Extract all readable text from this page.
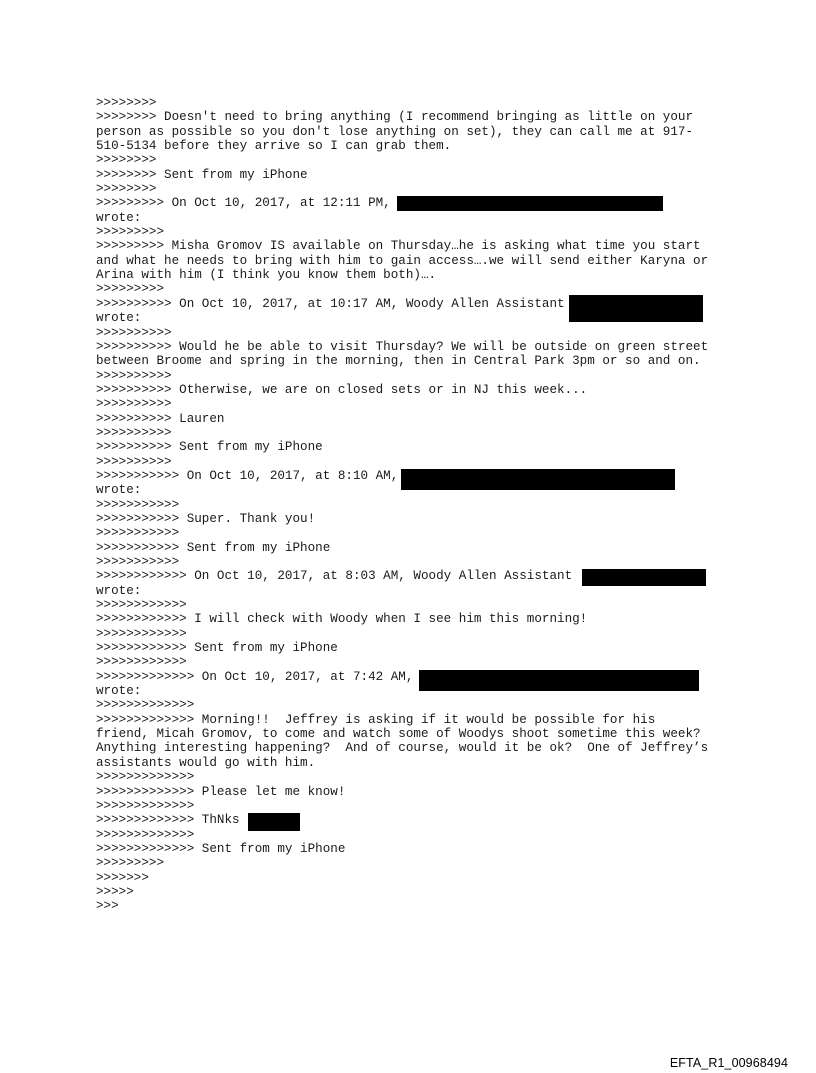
>>>>>>>>
>>>>>>>> Doesn't need to bring anything (I recommend bringing as little on your
person as possible so you don't lose anything on set), they can call me at 917-
510-5134 before they arrive so I can grab them.
>>>>>>>>
>>>>>>>> Sent from my iPhone
>>>>>>>>
>>>>>>>>> On Oct 10, 2017, at 12:11 PM,
wrote:
>>>>>>>>>
>>>>>>>>> Misha Gromov IS available on Thursday…he is asking what time you start
and what he needs to bring with him to gain access….we will send either Karyna or
Arina with him (I think you know them both)….
>>>>>>>>>
>>>>>>>>>> On Oct 10, 2017, at 10:17 AM, Woody Allen Assistant
wrote:
>>>>>>>>>>
>>>>>>>>>> Would he be able to visit Thursday? We will be outside on green street
between Broome and spring in the morning, then in Central Park 3pm or so and on.
>>>>>>>>>>
>>>>>>>>>> Otherwise, we are on closed sets or in NJ this week...
>>>>>>>>>>
>>>>>>>>>> Lauren
>>>>>>>>>>
>>>>>>>>>> Sent from my iPhone
>>>>>>>>>>
>>>>>>>>>>> On Oct 10, 2017, at 8:10 AM,
wrote:
>>>>>>>>>>>
>>>>>>>>>>> Super. Thank you!
>>>>>>>>>>>
>>>>>>>>>>> Sent from my iPhone
>>>>>>>>>>>
>>>>>>>>>>>> On Oct 10, 2017, at 8:03 AM, Woody Allen Assistant
wrote:
>>>>>>>>>>>>
>>>>>>>>>>>> I will check with Woody when I see him this morning!
>>>>>>>>>>>>
>>>>>>>>>>>> Sent from my iPhone
>>>>>>>>>>>>
>>>>>>>>>>>>> On Oct 10, 2017, at 7:42 AM,
wrote:
>>>>>>>>>>>>>
>>>>>>>>>>>>> Morning!!  Jeffrey is asking if it would be possible for his
friend, Micah Gromov, to come and watch some of Woodys shoot sometime this week?
Anything interesting happening?  And of course, would it be ok?  One of Jeffrey’s
assistants would go with him.
>>>>>>>>>>>>>
>>>>>>>>>>>>> Please let me know!
>>>>>>>>>>>>>
>>>>>>>>>>>>> ThNks
>>>>>>>>>>>>>
>>>>>>>>>>>>> Sent from my iPhone
>>>>>>>>>
>>>>>>>
>>>>>
>>>
EFTA_R1_00968494
